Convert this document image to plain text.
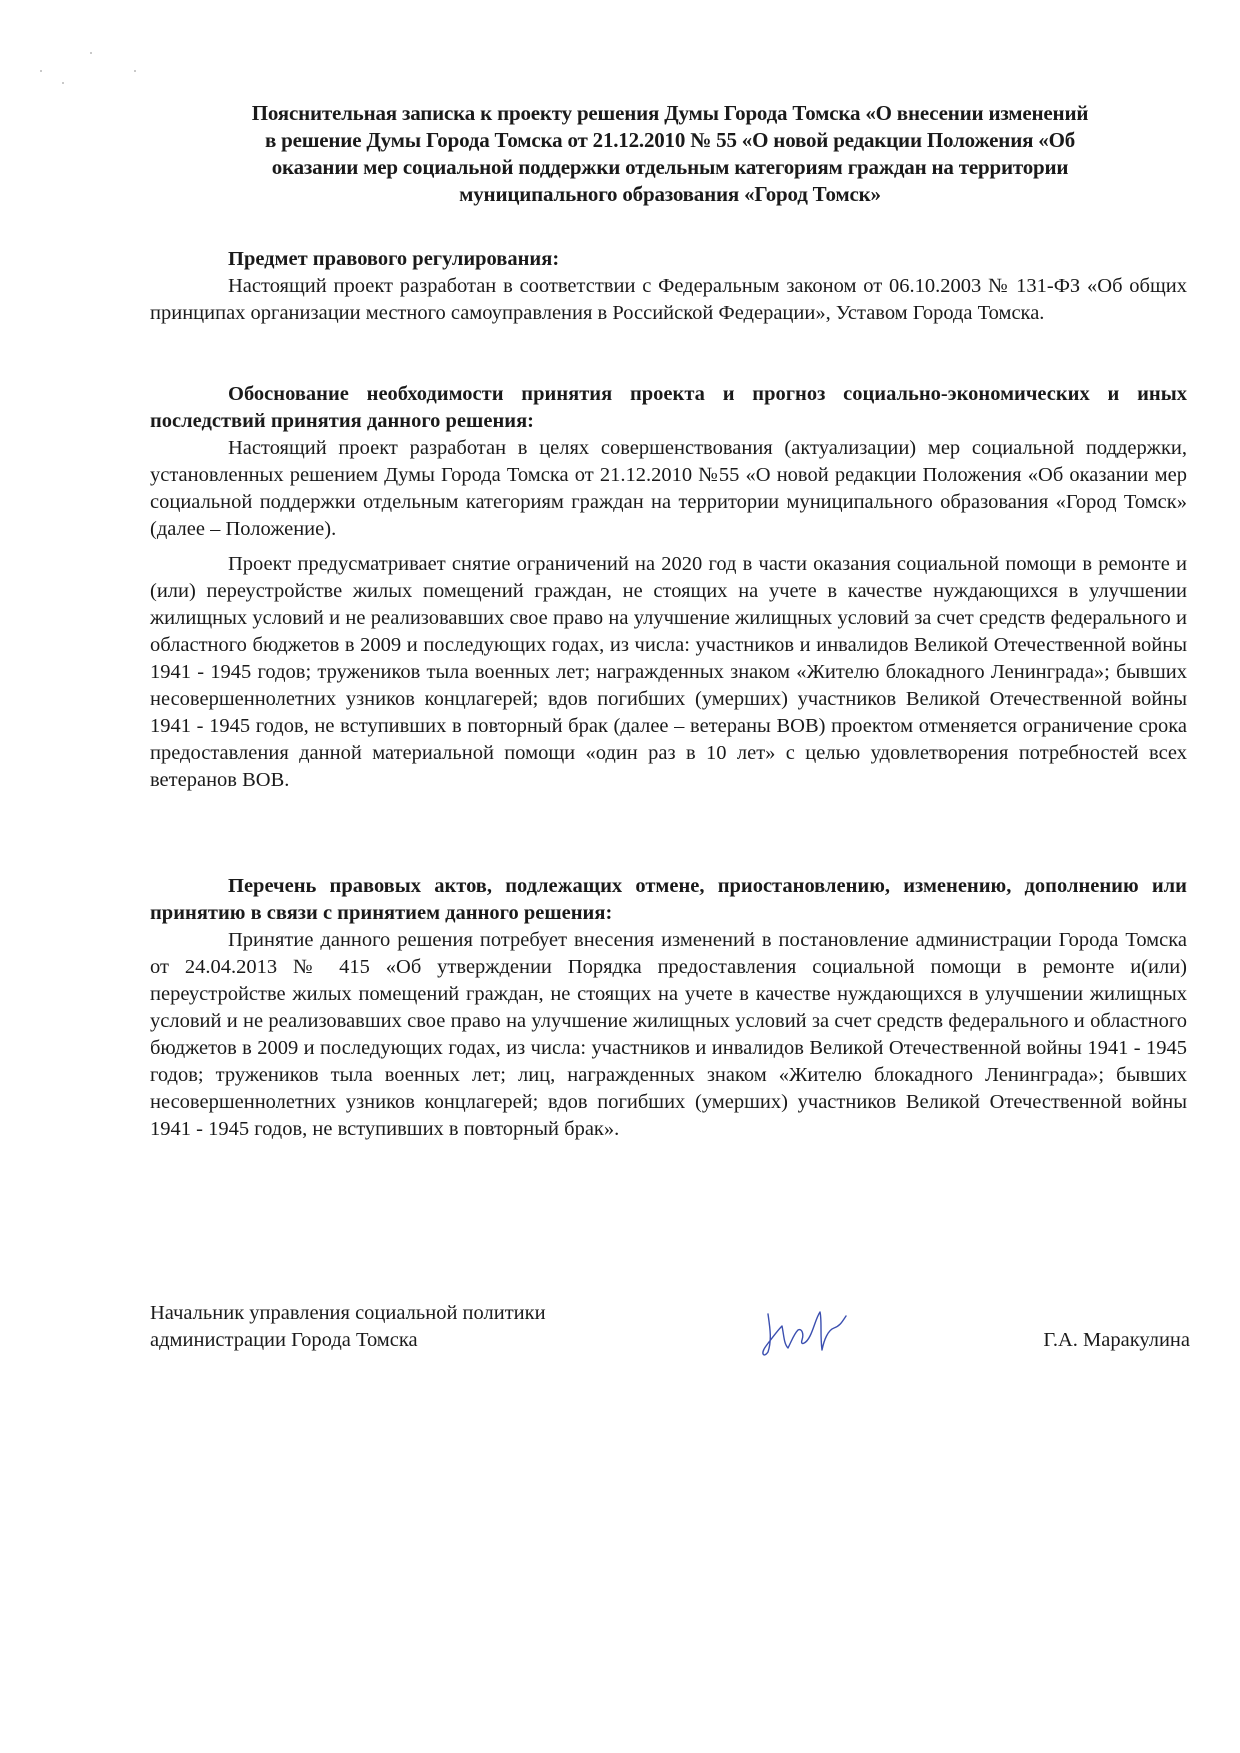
Пояснительная записка к проекту решения Думы Города Томска «О внесении изменений
в решение Думы Города Томска от 21.12.2010 № 55 «О новой редакции Положения «Об
оказании мер социальной поддержки отдельным категориям граждан на территории
муниципального образования «Город Томск»
Предмет правового регулирования:
Настоящий проект разработан в соответствии с Федеральным законом от 06.10.2003 № 131-ФЗ «Об общих принципах организации местного самоуправления в Российской Федерации», Уставом Города Томска.
Обоснование необходимости принятия проекта и прогноз социально-экономических и иных последствий принятия данного решения:
Настоящий проект разработан в целях совершенствования (актуализации) мер социальной поддержки, установленных решением Думы Города Томска от 21.12.2010 №55 «О новой редакции Положения «Об оказании мер социальной поддержки отдельным категориям граждан на территории муниципального образования «Город Томск» (далее – Положение).
Проект предусматривает снятие ограничений на 2020 год в части оказания социальной помощи в ремонте и (или) переустройстве жилых помещений граждан, не стоящих на учете в качестве нуждающихся в улучшении жилищных условий и не реализовавших свое право на улучшение жилищных условий за счет средств федерального и областного бюджетов в 2009 и последующих годах, из числа: участников и инвалидов Великой Отечественной войны 1941 - 1945 годов; тружеников тыла военных лет; награжденных знаком «Жителю блокадного Ленинграда»; бывших несовершеннолетних узников концлагерей; вдов погибших (умерших) участников Великой Отечественной войны 1941 - 1945 годов, не вступивших в повторный брак (далее – ветераны ВОВ) проектом отменяется ограничение срока предоставления данной материальной помощи «один раз в 10 лет» с целью удовлетворения потребностей всех ветеранов ВОВ.
Перечень правовых актов, подлежащих отмене, приостановлению, изменению, дополнению или принятию в связи с принятием данного решения:
Принятие данного решения потребует внесения изменений в постановление администрации Города Томска от 24.04.2013 № 415 «Об утверждении Порядка предоставления социальной помощи в ремонте и(или) переустройстве жилых помещений граждан, не стоящих на учете в качестве нуждающихся в улучшении жилищных условий и не реализовавших свое право на улучшение жилищных условий за счет средств федерального и областного бюджетов в 2009 и последующих годах, из числа: участников и инвалидов Великой Отечественной войны 1941 - 1945 годов; тружеников тыла военных лет; лиц, награжденных знаком «Жителю блокадного Ленинграда»; бывших несовершеннолетних узников концлагерей; вдов погибших (умерших) участников Великой Отечественной войны 1941 - 1945 годов, не вступивших в повторный брак».
Начальник управления социальной политики
администрации Города Томска	Г.А. Маракулина
